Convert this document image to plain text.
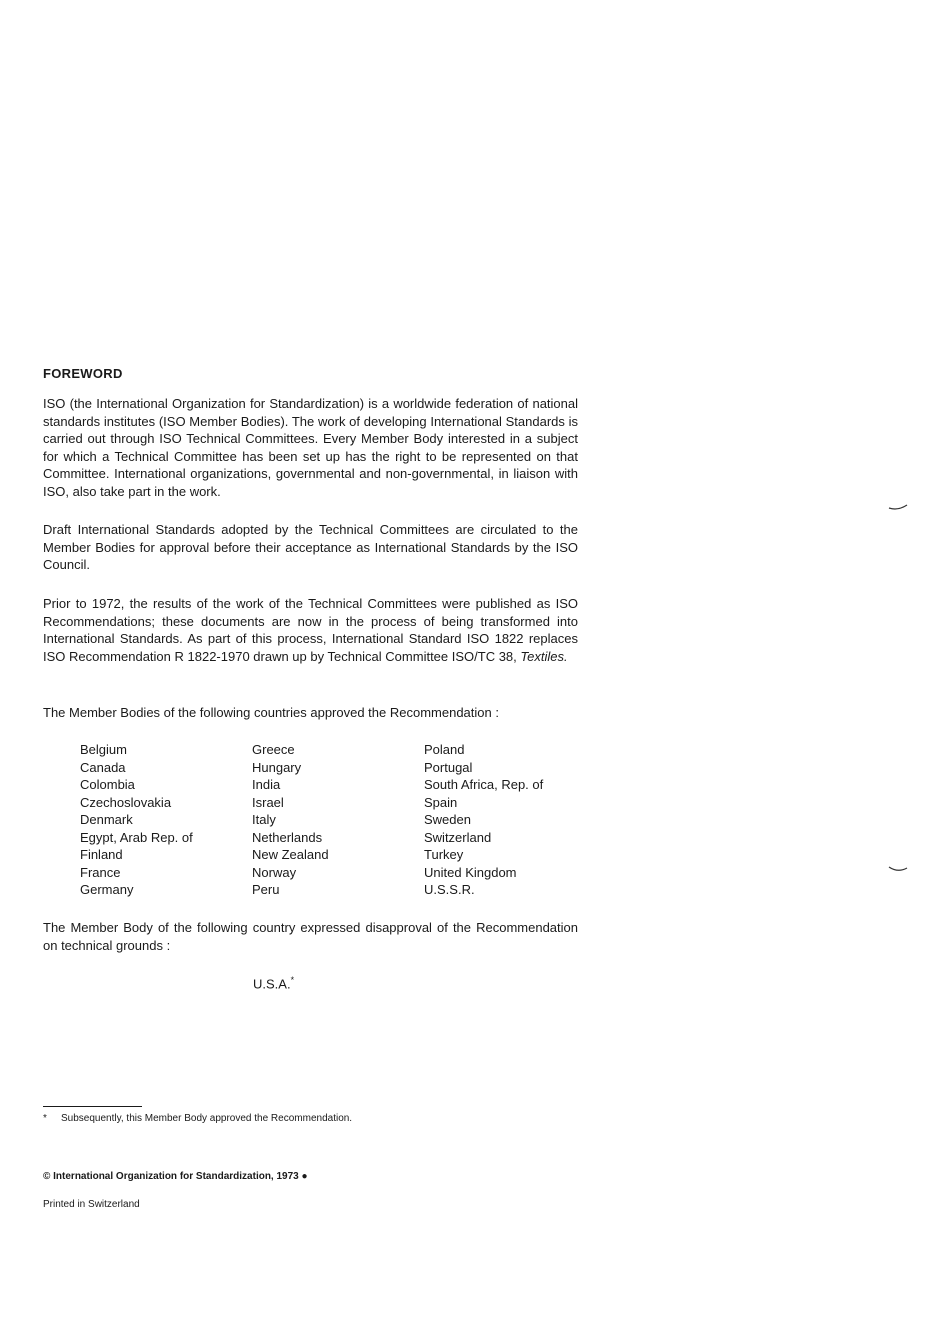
FOREWORD

ISO (the International Organization for Standardization) is a worldwide federation of national standards institutes (ISO Member Bodies). The work of developing International Standards is carried out through ISO Technical Committees. Every Member Body interested in a subject for which a Technical Committee has been set up has the right to be represented on that Committee. International organizations, governmental and non-governmental, in liaison with ISO, also take part in the work.

Draft International Standards adopted by the Technical Committees are circulated to the Member Bodies for approval before their acceptance as International Standards by the ISO Council.

Prior to 1972, the results of the work of the Technical Committees were published as ISO Recommendations; these documents are now in the process of being transformed into International Standards. As part of this process, International Standard ISO 1822 replaces ISO Recommendation R 1822-1970 drawn up by Technical Committee ISO/TC 38, Textiles.

The Member Bodies of the following countries approved the Recommendation :

Belgium
Canada
Colombia
Czechoslovakia
Denmark
Egypt, Arab Rep. of
Finland
France
Germany
Greece
Hungary
India
Israel
Italy
Netherlands
New Zealand
Norway
Peru
Poland
Portugal
South Africa, Rep. of
Spain
Sweden
Switzerland
Turkey
United Kingdom
U.S.S.R.

The Member Body of the following country expressed disapproval of the Recommendation on technical grounds :

U.S.A.*
* Subsequently, this Member Body approved the Recommendation.
© International Organization for Standardization, 1973 ●
Printed in Switzerland
